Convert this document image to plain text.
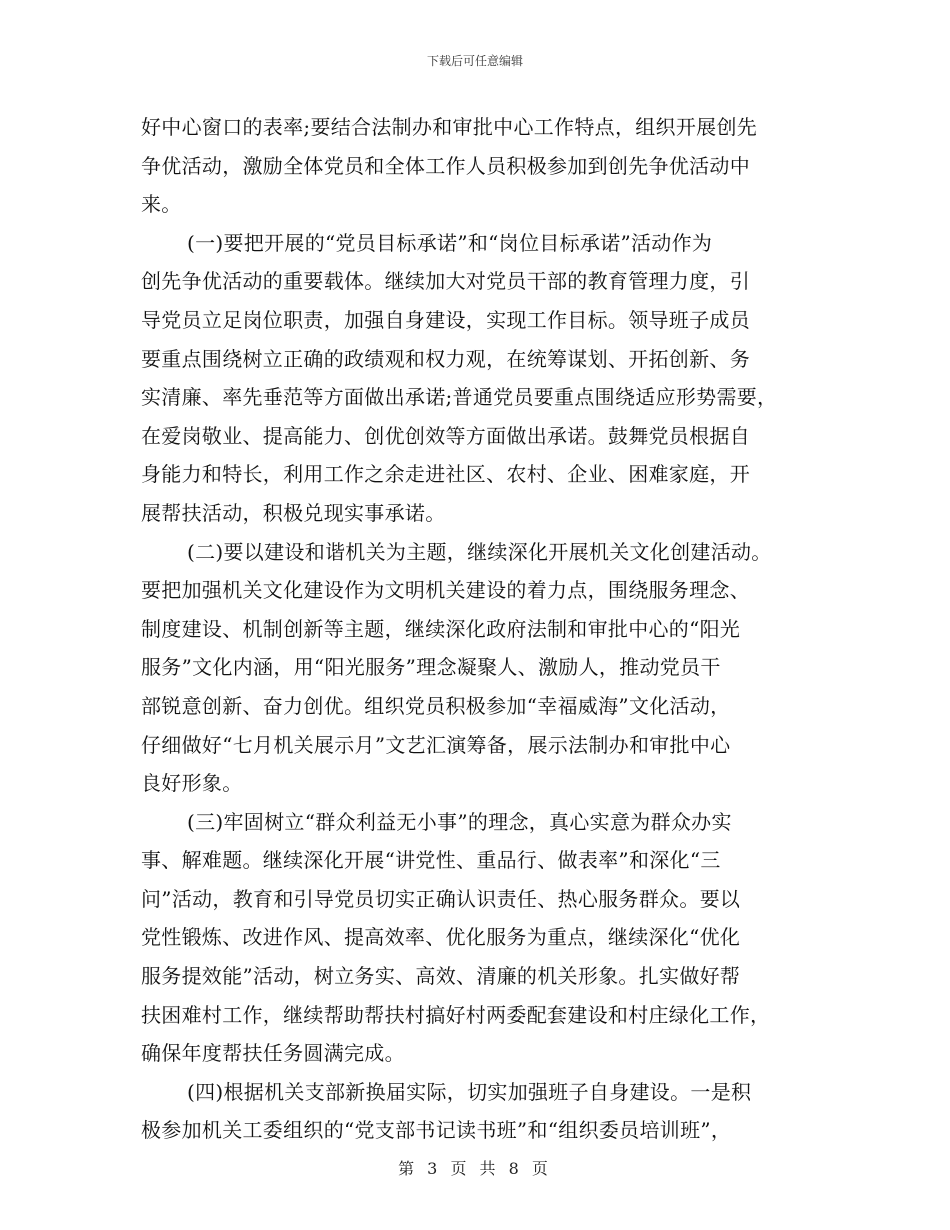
下载后可任意编辑
好中心窗口的表率;要结合法制办和审批中心工作特点，组织开展创先
争优活动，激励全体党员和全体工作人员积极参加到创先争优活动中
来。
(一)要把开展的“党员目标承诺”和“岗位目标承诺”活动作为
创先争优活动的重要载体。继续加大对党员干部的教育管理力度，引
导党员立足岗位职责，加强自身建设，实现工作目标。领导班子成员
要重点围绕树立正确的政绩观和权力观，在统筹谋划、开拓创新、务
实清廉、率先垂范等方面做出承诺;普通党员要重点围绕适应形势需要，
在爱岗敬业、提高能力、创优创效等方面做出承诺。鼓舞党员根据自
身能力和特长，利用工作之余走进社区、农村、企业、困难家庭，开
展帮扶活动，积极兑现实事承诺。
(二)要以建设和谐机关为主题，继续深化开展机关文化创建活动。
要把加强机关文化建设作为文明机关建设的着力点，围绕服务理念、
制度建设、机制创新等主题，继续深化政府法制和审批中心的“阳光
服务”文化内涵，用“阳光服务”理念凝聚人、激励人，推动党员干
部锐意创新、奋力创优。组织党员积极参加“幸福威海”文化活动，
仔细做好“七月机关展示月”文艺汇演筹备，展示法制办和审批中心
良好形象。
(三)牢固树立“群众利益无小事”的理念，真心实意为群众办实
事、解难题。继续深化开展“讲党性、重品行、做表率”和深化“三
问”活动，教育和引导党员切实正确认识责任、热心服务群众。要以
党性锻炼、改进作风、提高效率、优化服务为重点，继续深化“优化
服务提效能”活动，树立务实、高效、清廉的机关形象。扎实做好帮
扶困难村工作，继续帮助帮扶村搞好村两委配套建设和村庄绿化工作，
确保年度帮扶任务圆满完成。
(四)根据机关支部新换届实际，切实加强班子自身建设。一是积
极参加机关工委组织的“党支部书记读书班”和“组织委员培训班”，
第 3 页 共 8 页
